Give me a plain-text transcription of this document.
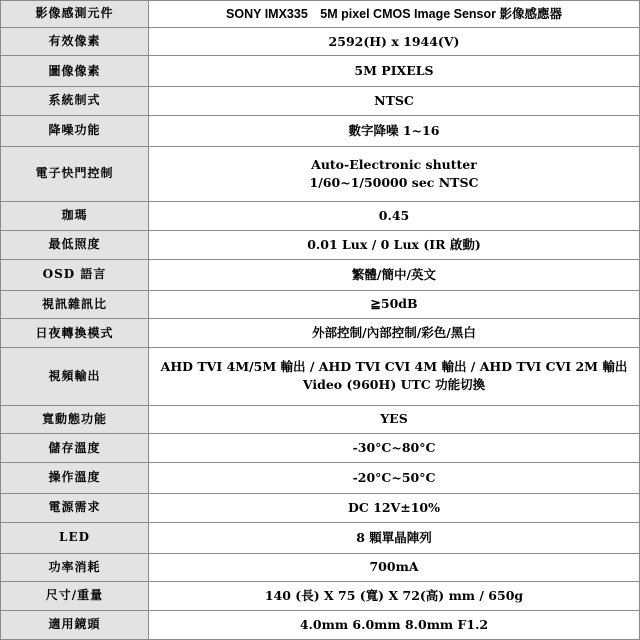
影像感測元件	SONY IMX335　5M pixel CMOS Image Sensor 影像感應器

有效像素	2592(H) x 1944(V)

圖像像素	5M PIXELS

系統制式	NTSC

降噪功能	數字降噪 1~16

電子快門控制	Auto-Electronic shutter
1/60~1/50000 sec NTSC

珈瑪	0.45

最低照度	0.01 Lux / 0 Lux (IR 啟動)

OSD 語言	繁體/簡中/英文

視訊雜訊比	≧50dB

日夜轉換模式	外部控制/內部控制/彩色/黑白

視頻輸出	AHD TVI 4M/5M 輸出 / AHD TVI CVI 4M 輸出 / AHD TVI CVI 2M 輸出
Video (960H) UTC 功能切換

寬動態功能	YES

儲存溫度	-30°C~80°C

操作溫度	-20°C~50°C

電源需求	DC 12V±10%

LED	8 顆單晶陣列

功率消耗	700mA

尺寸/重量	140 (長) X 75 (寬) X 72(高) mm / 650g

適用鏡頭	4.0mm 6.0mm 8.0mm F1.2
